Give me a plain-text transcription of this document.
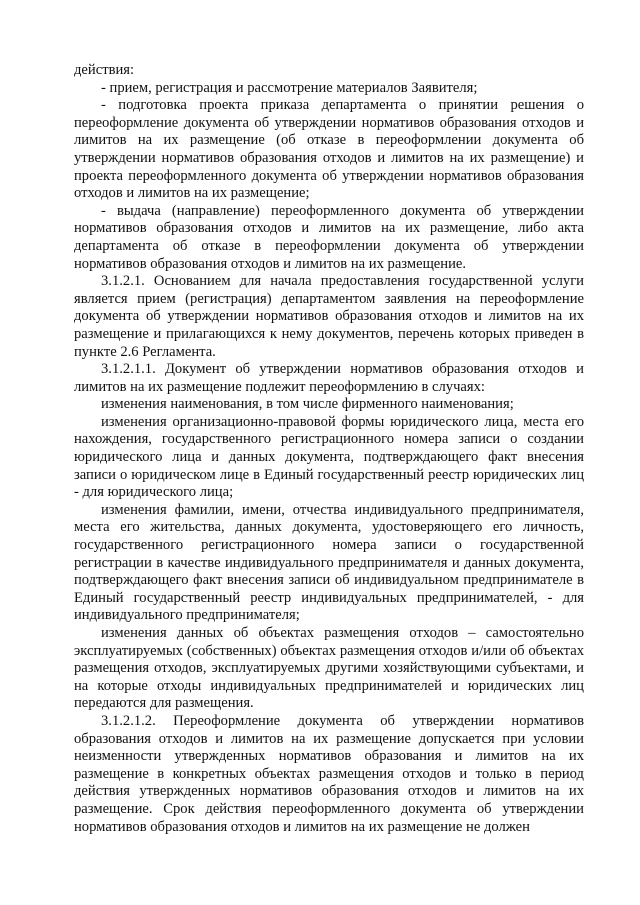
действия:

- прием, регистрация и рассмотрение материалов Заявителя;

- подготовка проекта приказа департамента о принятии решения о переоформление документа об утверждении нормативов образования отходов и лимитов на их размещение (об отказе в переоформлении документа об утверждении нормативов образования отходов и лимитов на их размещение) и проекта переоформленного документа об утверждении нормативов образования отходов и лимитов на их размещение;

- выдача (направление) переоформленного документа об утверждении нормативов образования отходов и лимитов на их размещение, либо акта департамента об отказе в переоформлении документа об утверждении нормативов образования отходов и лимитов на их размещение.

3.1.2.1. Основанием для начала предоставления государственной услуги является прием (регистрация) департаментом заявления на переоформление документа об утверждении нормативов образования отходов и лимитов на их размещение и прилагающихся к нему документов, перечень которых приведен в пункте 2.6 Регламента.

3.1.2.1.1. Документ об утверждении нормативов образования отходов и лимитов на их размещение подлежит переоформлению в случаях:

изменения наименования, в том числе фирменного наименования;

изменения организационно-правовой формы юридического лица, места его нахождения, государственного регистрационного номера записи о создании юридического лица и данных документа, подтверждающего факт внесения записи о юридическом лице в Единый государственный реестр юридических лиц - для юридического лица;

изменения фамилии, имени, отчества индивидуального предпринимателя, места его жительства, данных документа, удостоверяющего его личность, государственного регистрационного номера записи о государственной регистрации в качестве индивидуального предпринимателя и данных документа, подтверждающего факт внесения записи об индивидуальном предпринимателе в Единый государственный реестр индивидуальных предпринимателей, - для индивидуального предпринимателя;

изменения данных об объектах размещения отходов – самостоятельно эксплуатируемых (собственных) объектах размещения отходов и/или об объектах размещения отходов, эксплуатируемых другими хозяйствующими субъектами, и на которые отходы индивидуальных предпринимателей и юридических лиц передаются для размещения.

3.1.2.1.2. Переоформление документа об утверждении нормативов образования отходов и лимитов на их размещение допускается при условии неизменности утвержденных нормативов образования и лимитов на их размещение в конкретных объектах размещения отходов и только в период действия утвержденных нормативов образования отходов и лимитов на их размещение. Срок действия переоформленного документа об утверждении нормативов образования отходов и лимитов на их размещение не должен
